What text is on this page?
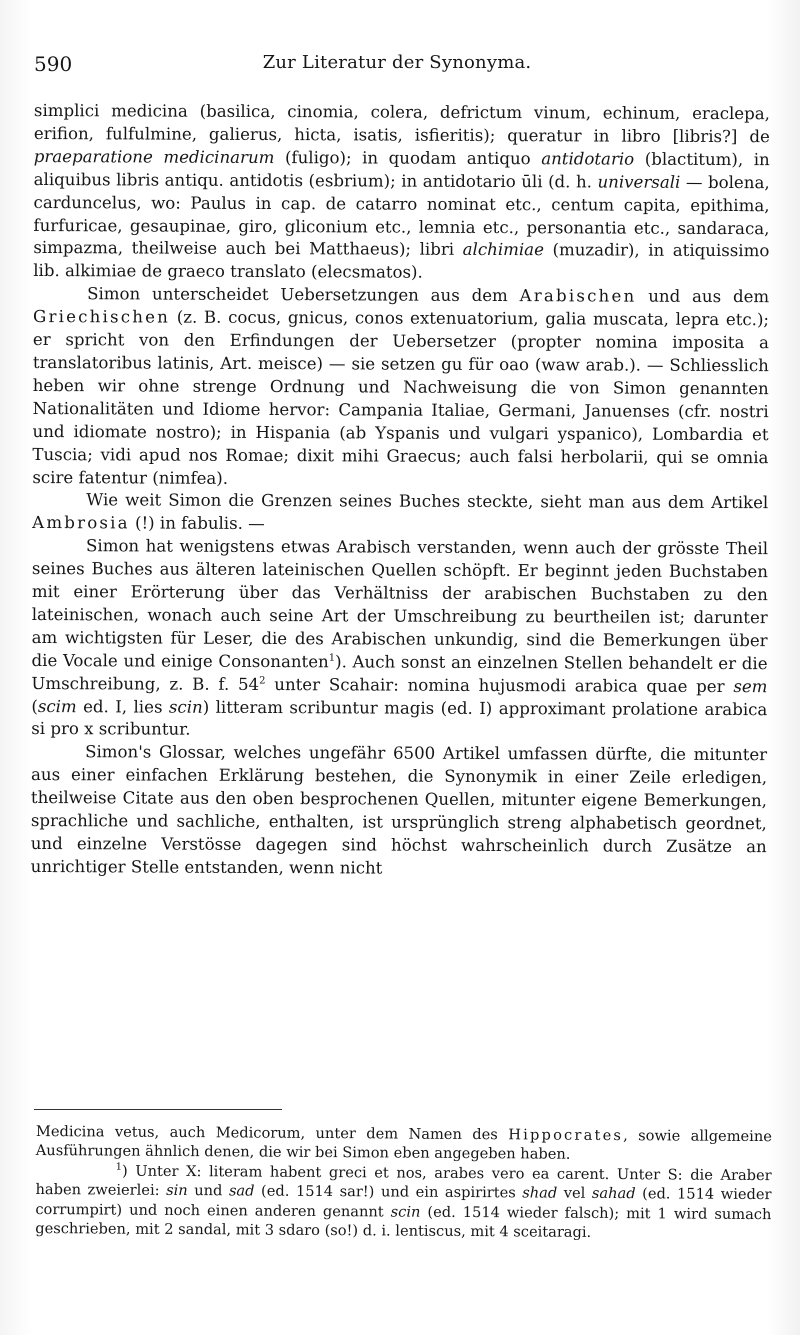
590	Zur Literatur der Synonyma.

simplici medicina (basilica, cinomia, colera, defrictum vinum, echinum, eraclepa, erifion, fulfulmine, galierus, hicta, isatis, isfieritis); queratur in libro [libris?] de praeparatione medicinarum (fuligo); in quodam antiquo antidotario (blactitum), in aliquibus libris antiqu. antidotis (esbrium); in antidotario ūli (d. h. universali — bolena, carduncelus, wo: Paulus in cap. de catarro nominat etc., centum capita, epithima, furfuricae, gesaupinae, giro, gliconium etc., lemnia etc., personantia etc., sandaraca, simpazma, theilweise auch bei Matthaeus); libri alchimiae (muzadir), in atiquissimo lib. alkimiae de graeco translato (elecsmatos).

Simon unterscheidet Uebersetzungen aus dem Arabischen und aus dem Griechischen (z. B. cocus, gnicus, conos extenuatorium, galia muscata, lepra etc.); er spricht von den Erfindungen der Uebersetzer (propter nomina imposita a translatoribus latinis, Art. meisce) — sie setzen gu für oao (waw arab.). — Schliesslich heben wir ohne strenge Ordnung und Nachweisung die von Simon genannten Nationalitäten und Idiome hervor: Campania Italiae, Germani, Januenses (cfr. nostri und idiomate nostro); in Hispania (ab Yspanis und vulgari yspanico), Lombardia et Tuscia; vidi apud nos Romae; dixit mihi Graecus; auch falsi herbolarii, qui se omnia scire fatentur (nimfea).

Wie weit Simon die Grenzen seines Buches steckte, sieht man aus dem Artikel Ambrosia (!) in fabulis. —

Simon hat wenigstens etwas Arabisch verstanden, wenn auch der grösste Theil seines Buches aus älteren lateinischen Quellen schöpft. Er beginnt jeden Buchstaben mit einer Erörterung über das Verhältniss der arabischen Buchstaben zu den lateinischen, wonach auch seine Art der Umschreibung zu beurtheilen ist; darunter am wichtigsten für Leser, die des Arabischen unkundig, sind die Bemerkungen über die Vocale und einige Consonanten$^1$). Auch sonst an einzelnen Stellen behandelt er die Umschreibung, z. B. f. $54^2$ unter Scahair: nomina hujusmodi arabica quae per sem (scim ed. I, lies scin) litteram scribuntur magis (ed. I) approximant prolatione arabica si pro x scribuntur.

Simon's Glossar, welches ungefähr 6500 Artikel umfassen dürfte, die mitunter aus einer einfachen Erklärung bestehen, die Synonymik in einer Zeile erledigen, theilweise Citate aus den oben besprochenen Quellen, mitunter eigene Bemerkungen, sprachliche und sachliche, enthalten, ist ursprünglich streng alphabetisch geordnet, und einzelne Verstösse dagegen sind höchst wahrscheinlich durch Zusätze an unrichtiger Stelle entstanden, wenn nicht

Medicina vetus, auch Medicorum, unter dem Namen des Hippocrates, sowie allgemeine Ausführungen ähnlich denen, die wir bei Simon eben angegeben haben.

$^1$) Unter X: literam habent greci et nos, arabes vero ea carent. Unter S: die Araber haben zweierlei: sin und sad (ed. 1514 sar!) und ein aspirirtes shad vel sahad (ed. 1514 wieder corrumpirt) und noch einen anderen genannt scin (ed. 1514 wieder falsch); mit 1 wird sumach geschrieben, mit 2 sandal, mit 3 sdaro (so!) d. i. lentiscus, mit 4 sceitaragi.
